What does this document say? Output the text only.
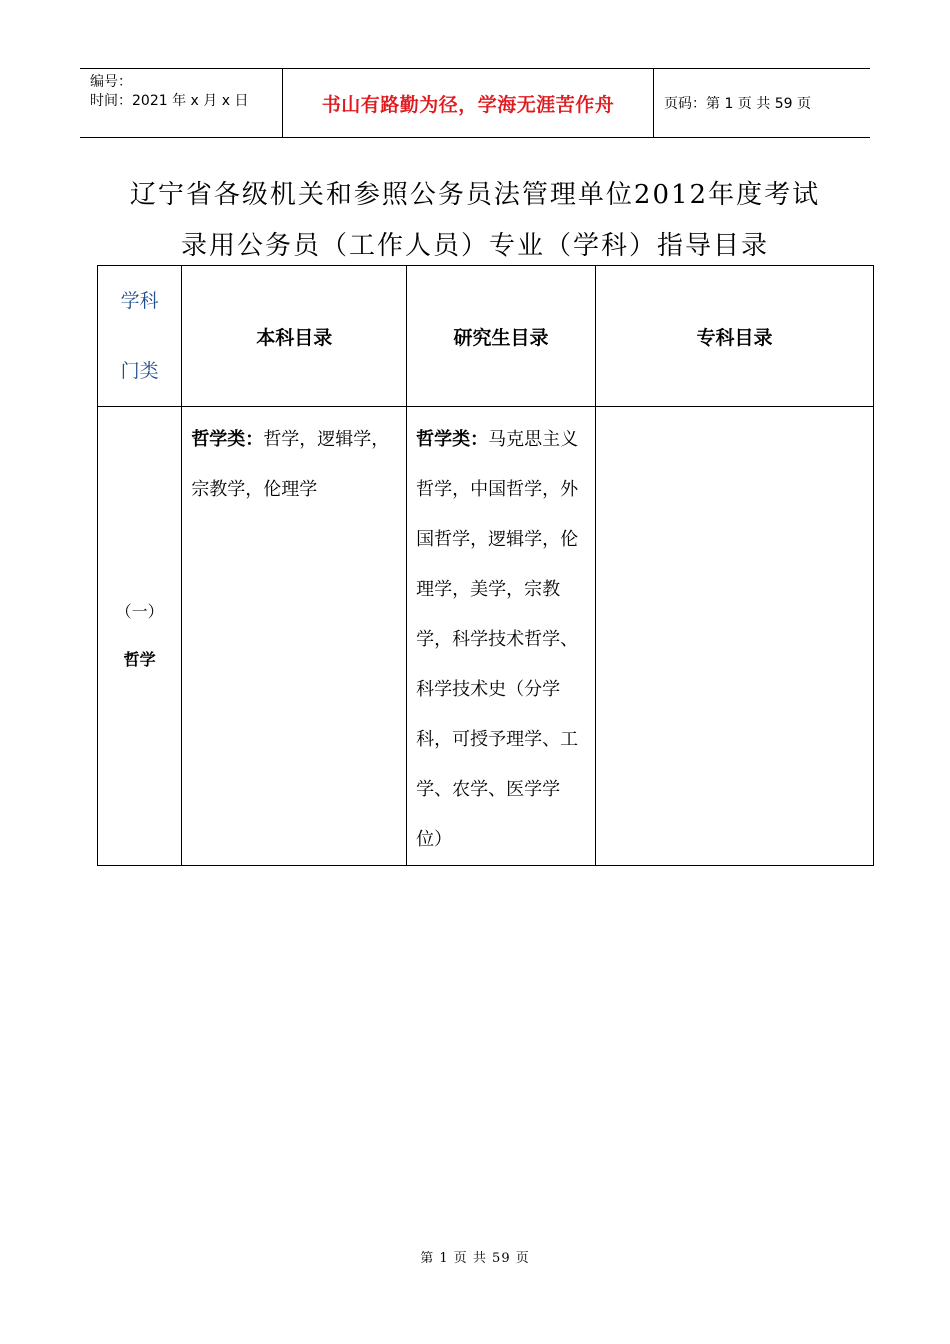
编号：
时间：2021 年 x 月 x 日	书山有路勤为径，学海无涯苦作舟	页码：第 1 页 共 59 页
辽宁省各级机关和参照公务员法管理单位2012年度考试
录用公务员（工作人员）专业（学科）指导目录
学科
门类	本科目录	研究生目录	专科目录
（一）
哲学	哲学类：哲学，逻辑学，宗教学，伦理学	哲学类：马克思主义哲学，中国哲学，外国哲学，逻辑学，伦理学，美学，宗教学，科学技术哲学、科学技术史（分学科，可授予理学、工学、农学、医学学位）	

第 1 页 共 59 页
